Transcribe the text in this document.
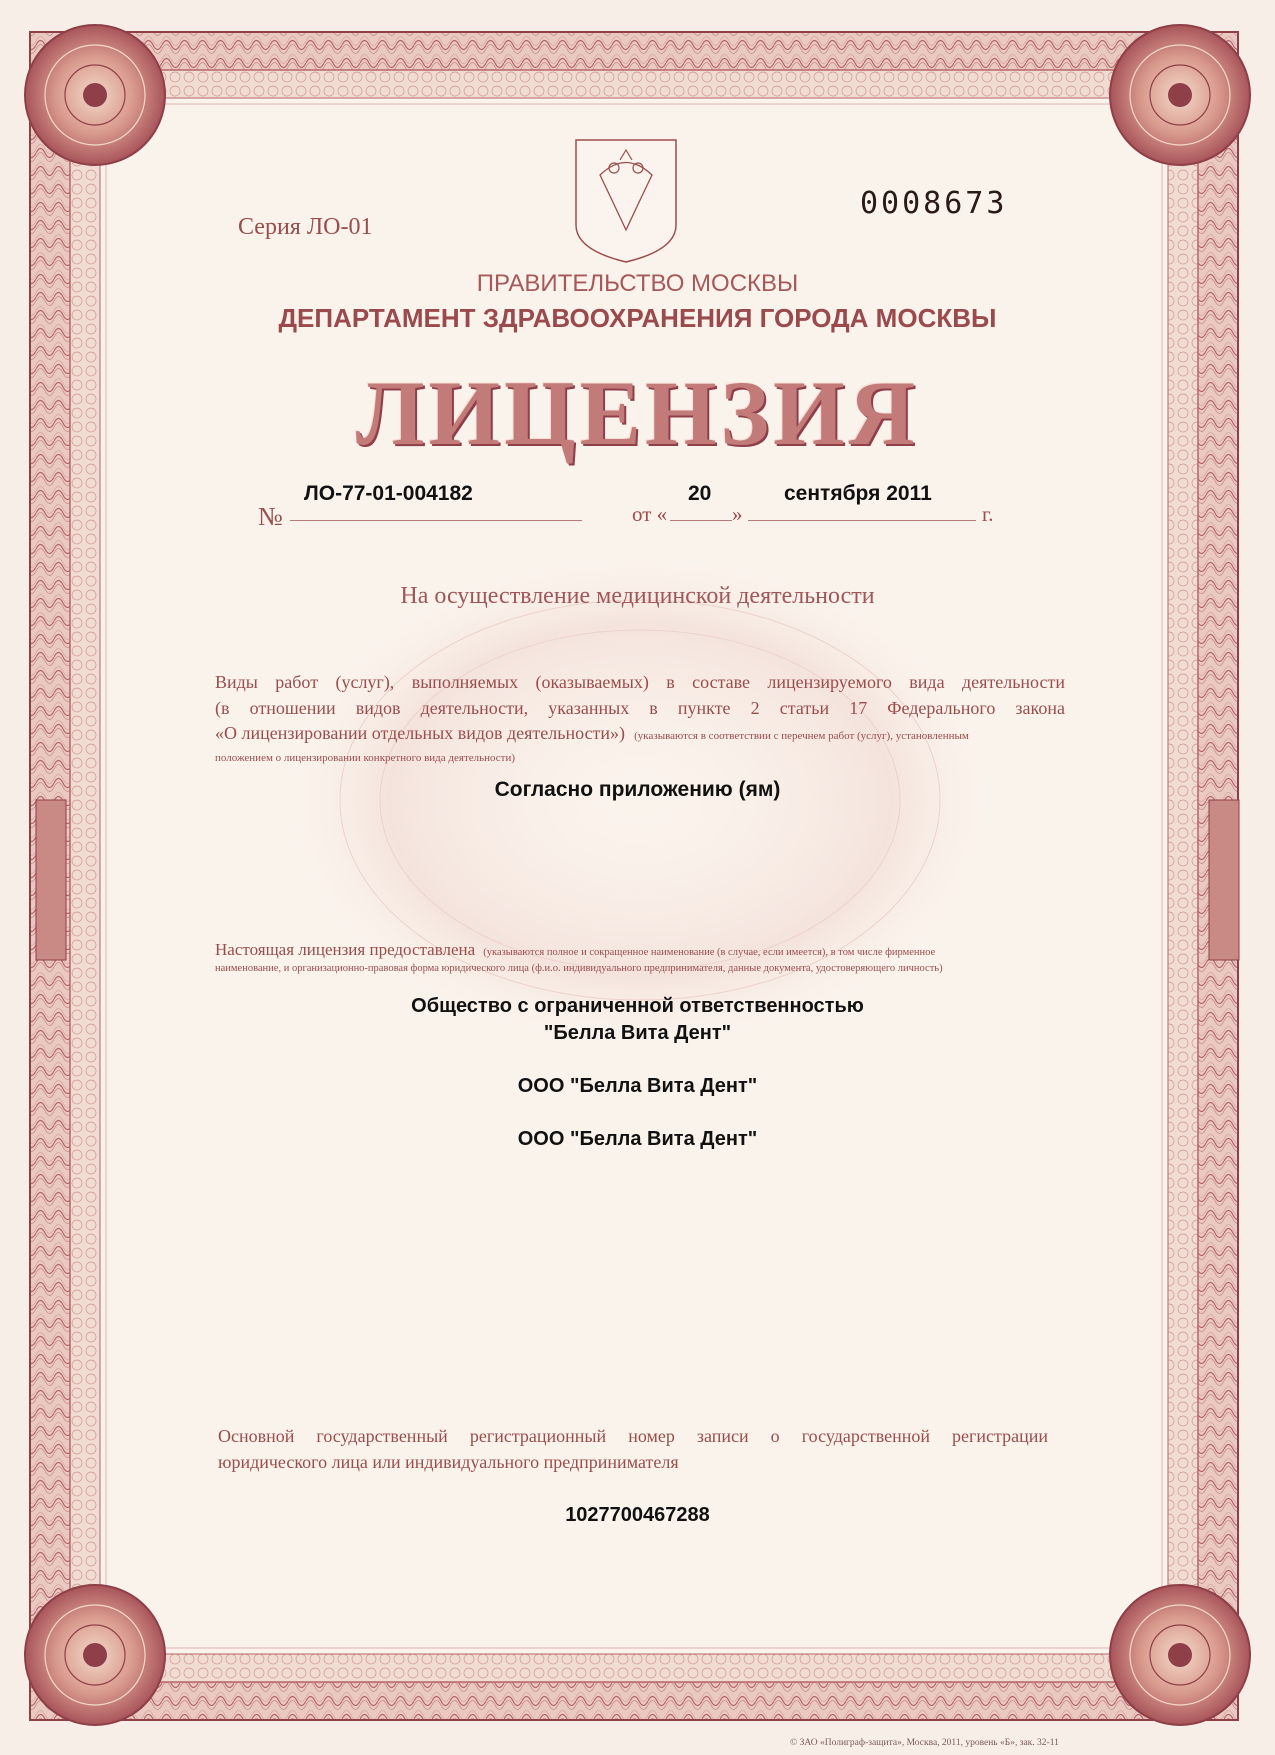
Серия ЛО-01
0008673
ПРАВИТЕЛЬСТВО МОСКВЫ
ДЕПАРТАМЕНТ ЗДРАВООХРАНЕНИЯ ГОРОДА МОСКВЫ
ЛИЦЕНЗИЯ
№
ЛО-77-01-004182
от «
20
»
сентября 2011
г.
На осуществление медицинской деятельности
Виды работ (услуг), выполняемых (оказываемых) в составе лицензируемого вида деятельности
(в отношении видов деятельности, указанных в пункте 2 статьи 17 Федерального закона
«О лицензировании отдельных видов деятельности») (указываются в соответствии с перечнем работ (услуг), установленным
положением о лицензировании конкретного вида деятельности)
Согласно приложению (ям)
Настоящая лицензия предоставлена (указываются полное и сокращенное наименование (в случае, если имеется), в том числе фирменное
наименование, и организационно-правовая форма юридического лица (ф.и.о. индивидуального предпринимателя, данные документа, удостоверяющего личность)
Общество с ограниченной ответственностью
"Белла Вита Дент"
ООО "Белла Вита Дент"
ООО "Белла Вита Дент"
Основной государственный регистрационный номер записи о государственной регистрации
юридического лица или индивидуального предпринимателя
1027700467288
© ЗАО «Полиграф-защита», Москва, 2011, уровень «Б», зак. 32-11
